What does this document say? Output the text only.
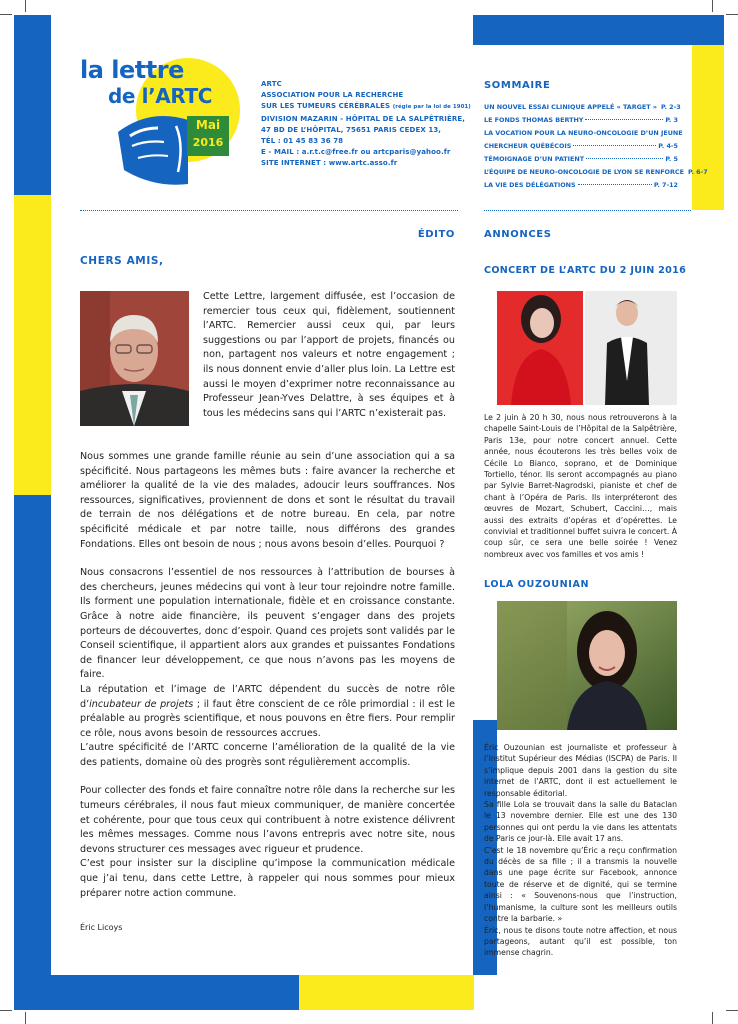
la lettre
de l’ARTC
Mai
2016
ARTC
ASSOCIATION POUR LA RECHERCHE
SUR LES TUMEURS CÉRÉBRALES (régie par la loi de 1901)
DIVISION MAZARIN - HÔPITAL DE LA SALPÊTRIÈRE,
47 BD DE L’HÔPITAL, 75651 PARIS CEDEX 13,
TÉL : 01 45 83 36 78
E - MAIL : a.r.t.c@free.fr ou artcparis@yahoo.fr
SITE INTERNET : www.artc.asso.fr
SOMMAIRE
UN NOUVEL ESSAI CLINIQUE APPELÉ « TARGET » P. 2-3
LE FONDS THOMAS BERTHY	P. 3
LA VOCATION POUR LA NEURO-ONCOLOGIE D’UN JEUNE
CHERCHEUR QUÉBÉCOIS	P. 4-5
TÉMOIGNAGE D’UN PATIENT	P. 5
L’ÉQUIPE DE NEURO-ONCOLOGIE DE LYON SE RENFORCE P. 6-7
LA VIE DES DÉLÉGATIONS	P. 7-12
ÉDITO
CHERS AMIS,
Cette Lettre, largement diffusée, est l’occasion de remercier tous ceux qui, fidèlement, soutiennent l’ARTC. Remercier aussi ceux qui, par leurs suggestions ou par l’apport de projets, financés ou non, partagent nos valeurs et notre engagement ; ils nous donnent envie d’aller plus loin. La Lettre est aussi le moyen d’exprimer notre reconnaissance au Professeur Jean-Yves Delattre, à ses équipes et à tous les médecins sans qui l’ARTC n’existerait pas.

Nous sommes une grande famille réunie au sein d’une association qui a sa spécificité. Nous partageons les mêmes buts : faire avancer la recherche et améliorer la qualité de la vie des malades, adoucir leurs souffrances. Nos ressources, significatives, proviennent de dons et sont le résultat du travail de terrain de nos délégations et de notre bureau. En cela, par notre spécificité médicale et par notre taille, nous différons des grandes Fondations. Elles ont besoin de nous ; nous avons besoin d’elles. Pourquoi ?

Nous consacrons l’essentiel de nos ressources à l’attribution de bourses à des chercheurs, jeunes médecins qui vont à leur tour rejoindre notre famille. Ils forment une population internationale, fidèle et en croissance constante. Grâce à notre aide financière, ils peuvent s’engager dans des projets porteurs de découvertes, donc d’espoir. Quand ces projets sont validés par le Conseil scientifique, il appartient alors aux grandes et puissantes Fondations de financer leur développement, ce que nous n’avons pas les moyens de faire.

La réputation et l’image de l’ARTC dépendent du succès de notre rôle d’incubateur de projets ; il faut être conscient de ce rôle primordial : il est le préalable au progrès scientifique, et nous pouvons en être fiers. Pour remplir ce rôle, nous avons besoin de ressources accrues.

L’autre spécificité de l’ARTC concerne l’amélioration de la qualité de la vie des patients, domaine où des progrès sont régulièrement accomplis.

Pour collecter des fonds et faire connaître notre rôle dans la recherche sur les tumeurs cérébrales, il nous faut mieux communiquer, de manière concertée et cohérente, pour que tous ceux qui contribuent à notre existence délivrent les mêmes messages. Comme nous l’avons entrepris avec notre site, nous devons structurer ces messages avec rigueur et prudence.

C’est pour insister sur la discipline qu’impose la communication médicale que j’ai tenu, dans cette Lettre, à rappeler qui nous sommes pour mieux préparer notre action commune.

Éric Licoys
ANNONCES
CONCERT DE L’ARTC DU 2 JUIN 2016
Le 2 juin à 20 h 30, nous nous retrouverons à la chapelle Saint-Louis de l’Hôpital de la Salpêtrière, Paris 13e, pour notre concert annuel. Cette année, nous écouterons les très belles voix de Cécile Lo Bianco, soprano, et de Dominique Tortiello, ténor. Ils seront accompagnés au piano par Sylvie Barret-Nagrodski, pianiste et chef de chant à l’Opéra de Paris. Ils interpréteront des œuvres de Mozart, Schubert, Caccini…, mais aussi des extraits d’opéras et d’opérettes. Le convivial et traditionnel buffet suivra le concert. À coup sûr, ce sera une belle soirée ! Venez nombreux avec vos familles et vos amis !
LOLA OUZOUNIAN

Éric Ouzounian est journaliste et professeur à l’Institut Supérieur des Médias (ISCPA) de Paris. Il s’implique depuis 2001 dans la gestion du site internet de l’ARTC, dont il est actuellement le responsable éditorial.

Sa fille Lola se trouvait dans la salle du Bataclan le 13 novembre dernier. Elle est une des 130 personnes qui ont perdu la vie dans les attentats de Paris ce jour-là. Elle avait 17 ans.

C’est le 18 novembre qu’Éric a reçu confirmation du décès de sa fille ; il a transmis la nouvelle dans une page écrite sur Facebook, annonce toute de réserve et de dignité, qui se termine ainsi : « Souvenons-nous que l’instruction, l’humanisme, la culture sont les meilleurs outils contre la barbarie. »

Éric, nous te disons toute notre affection, et nous partageons, autant qu’il est possible, ton immense chagrin.
